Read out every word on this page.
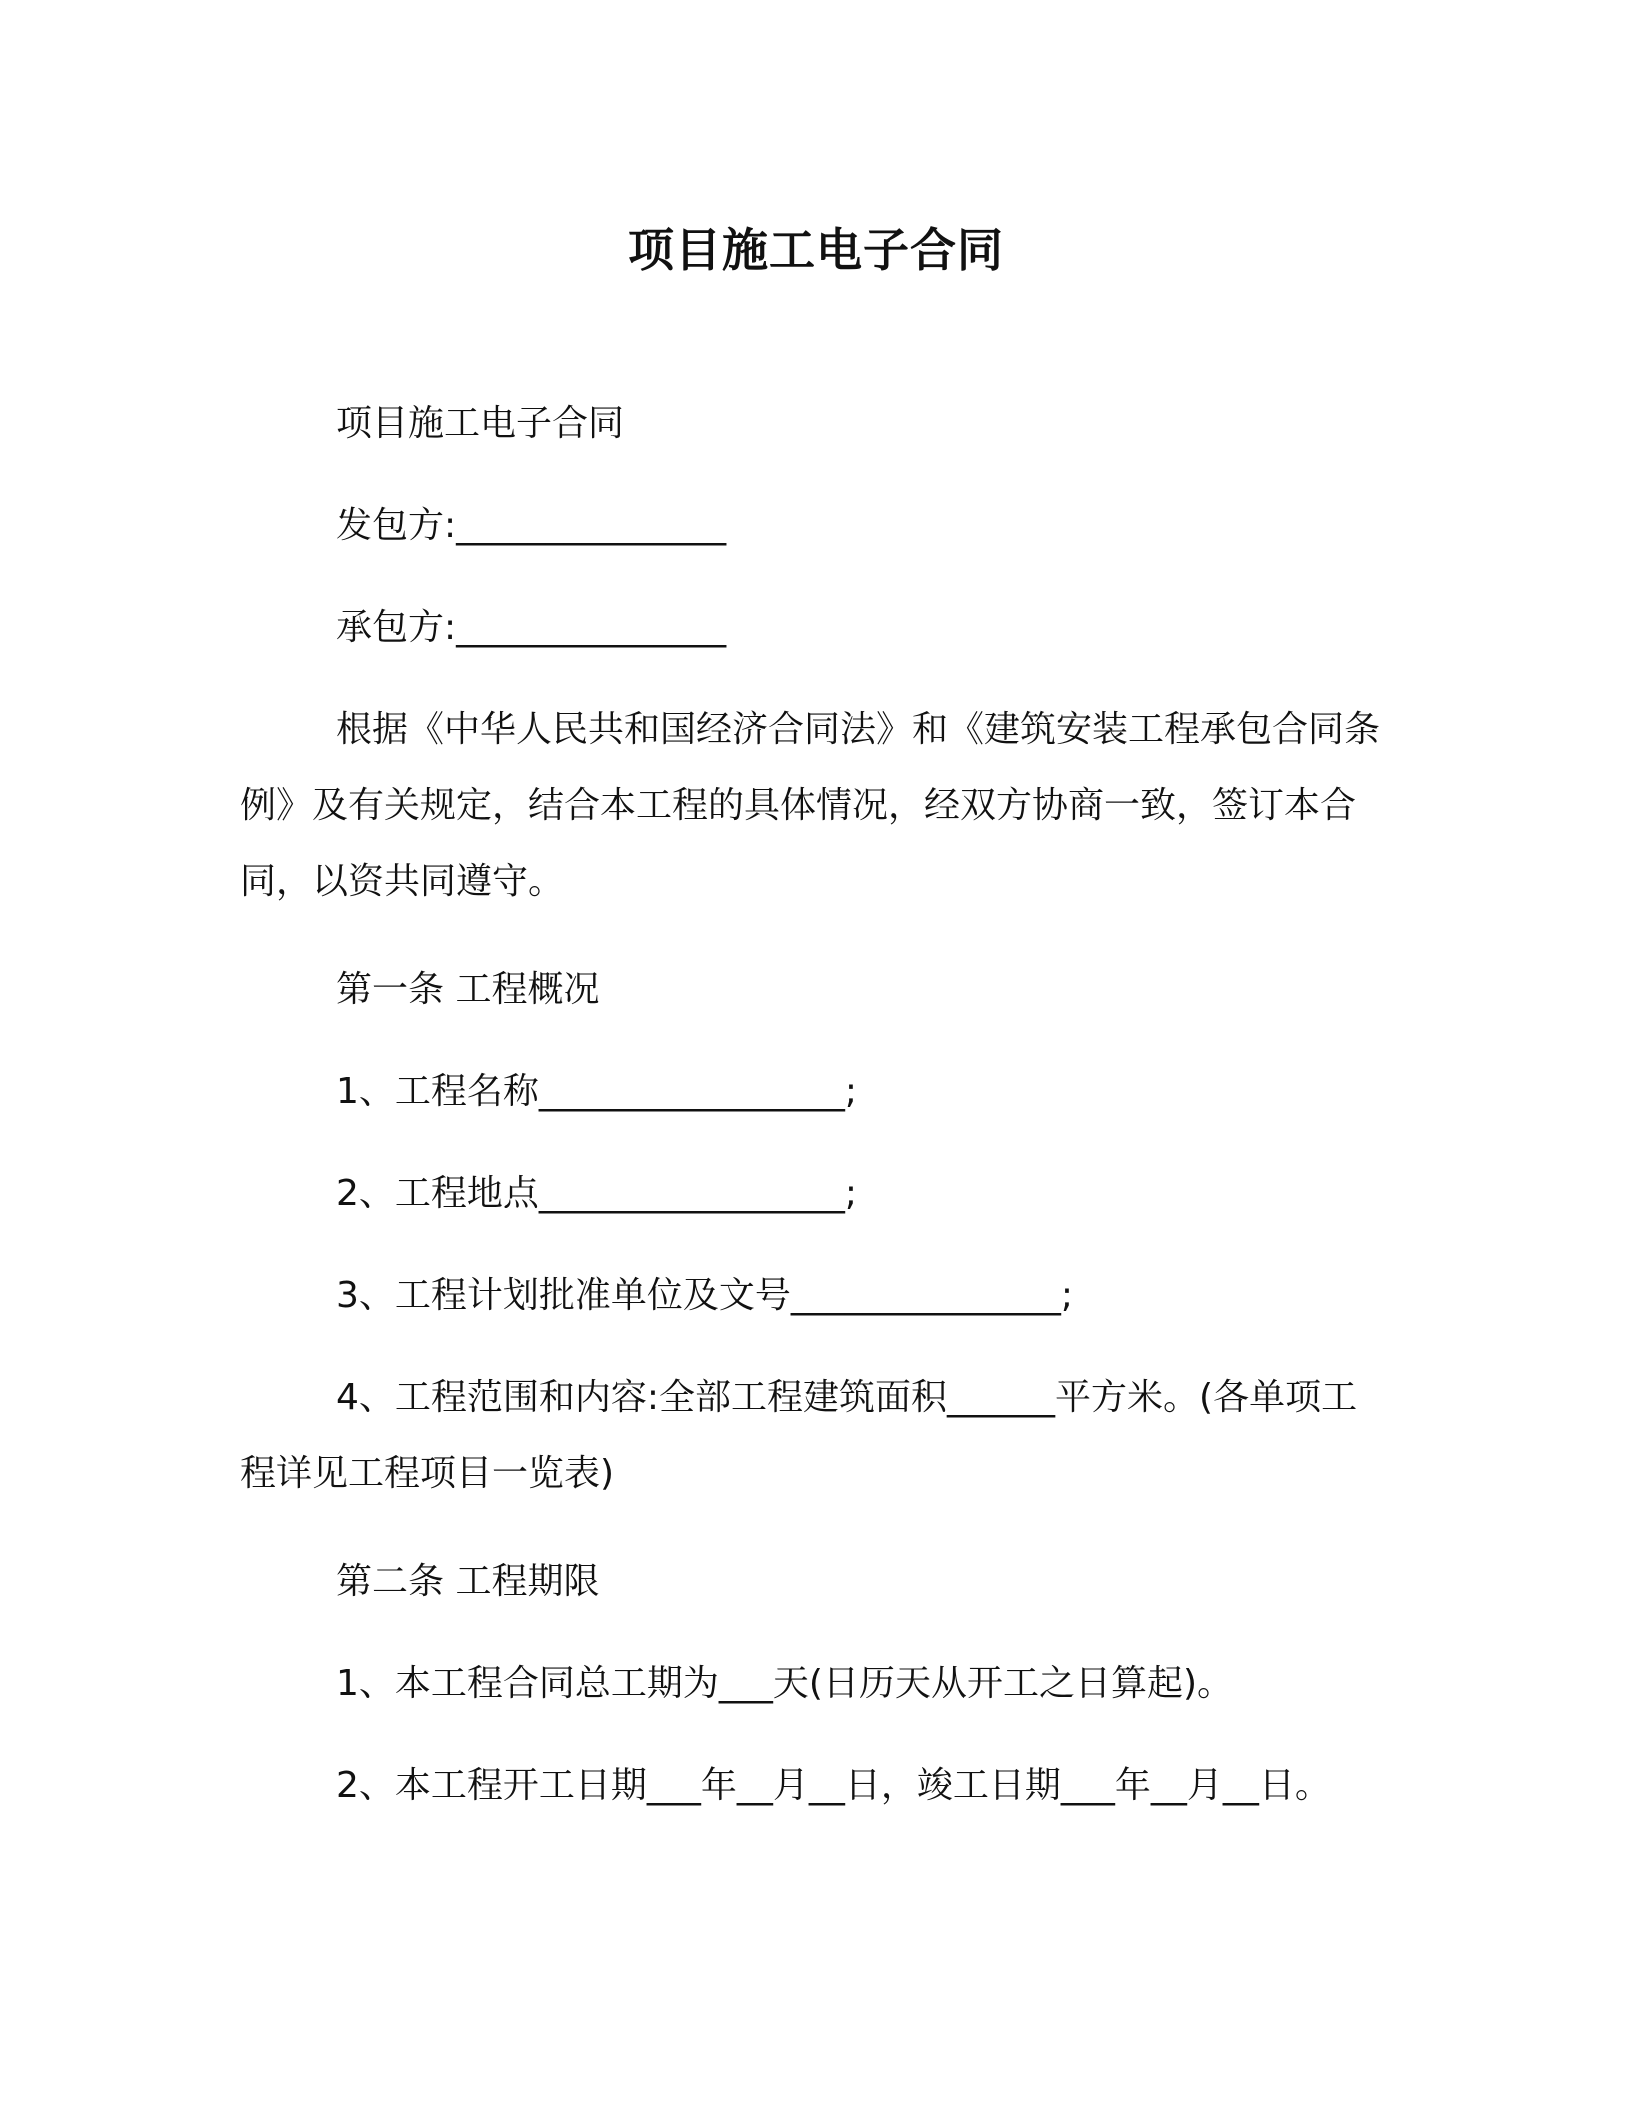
项目施工电子合同

项目施工电子合同

发包方:_______________

承包方:_______________

根据《中华人民共和国经济合同法》和《建筑安装工程承包合同条例》及有关规定，结合本工程的具体情况，经双方协商一致，签订本合同，以资共同遵守。

第一条 工程概况

1、工程名称_________________;

2、工程地点_________________;

3、工程计划批准单位及文号_______________;

4、工程范围和内容:全部工程建筑面积______平方米。(各单项工程详见工程项目一览表)

第二条 工程期限

1、本工程合同总工期为___天(日历天从开工之日算起)。

2、本工程开工日期___年__月__日，竣工日期___年__月__日。
